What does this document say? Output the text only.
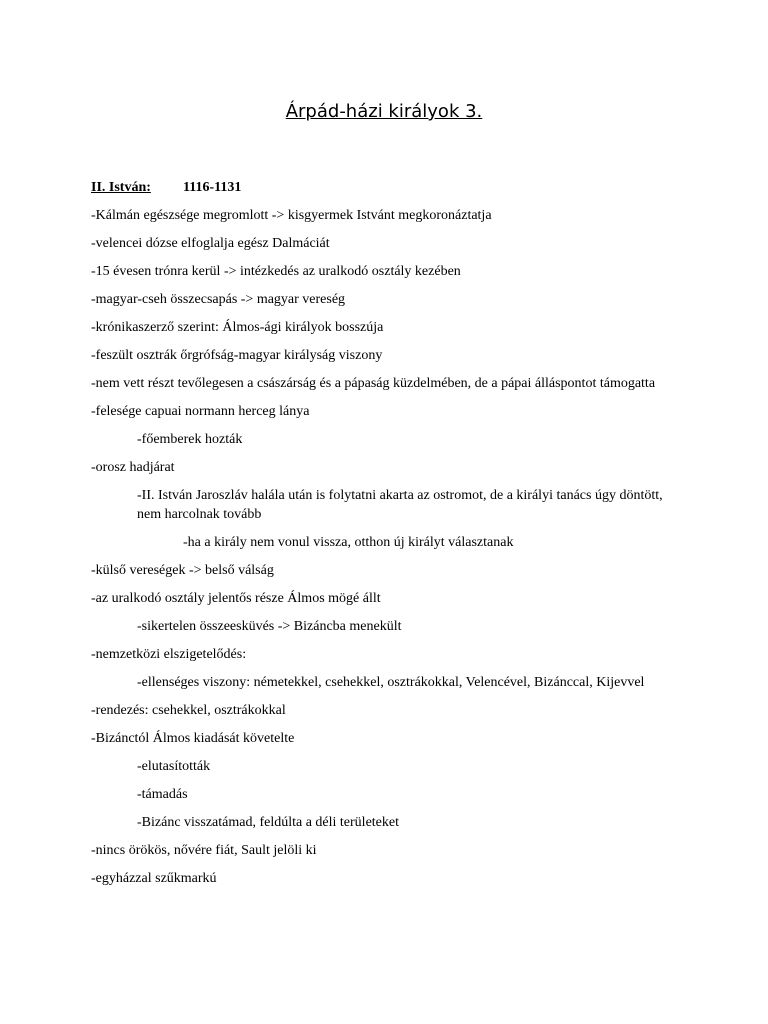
Árpád-házi királyok 3.
II. István: 1116-1131

-Kálmán egészsége megromlott -> kisgyermek Istvánt megkoronáztatja

-velencei dózse elfoglalja egész Dalmáciát

-15 évesen trónra kerül -> intézkedés az uralkodó osztály kezében

-magyar-cseh összecsapás -> magyar vereség

-krónikaszerző szerint: Álmos-ági királyok bosszúja

-feszült osztrák őrgrófság-magyar királyság viszony

-nem vett részt tevőlegesen a császárság és a pápaság küzdelmében, de a pápai álláspontot támogatta

-felesége capuai normann herceg lánya

-főemberek hozták

-orosz hadjárat

-II. István Jaroszláv halála után is folytatni akarta az ostromot, de a királyi tanács úgy döntött, nem harcolnak tovább

-ha a király nem vonul vissza, otthon új királyt választanak

-külső vereségek -> belső válság

-az uralkodó osztály jelentős része Álmos mögé állt

-sikertelen összeesküvés -> Bizáncba menekült

-nemzetközi elszigetelődés:

-ellenséges viszony: németekkel, csehekkel, osztrákokkal, Velencével, Bizánccal, Kijevvel

-rendezés: csehekkel, osztrákokkal

-Bizánctól Álmos kiadását követelte

-elutasították

-támadás

-Bizánc visszatámad, feldúlta a déli területeket

-nincs örökös, nővére fiát, Sault jelöli ki

-egyházzal szűkmarkú
